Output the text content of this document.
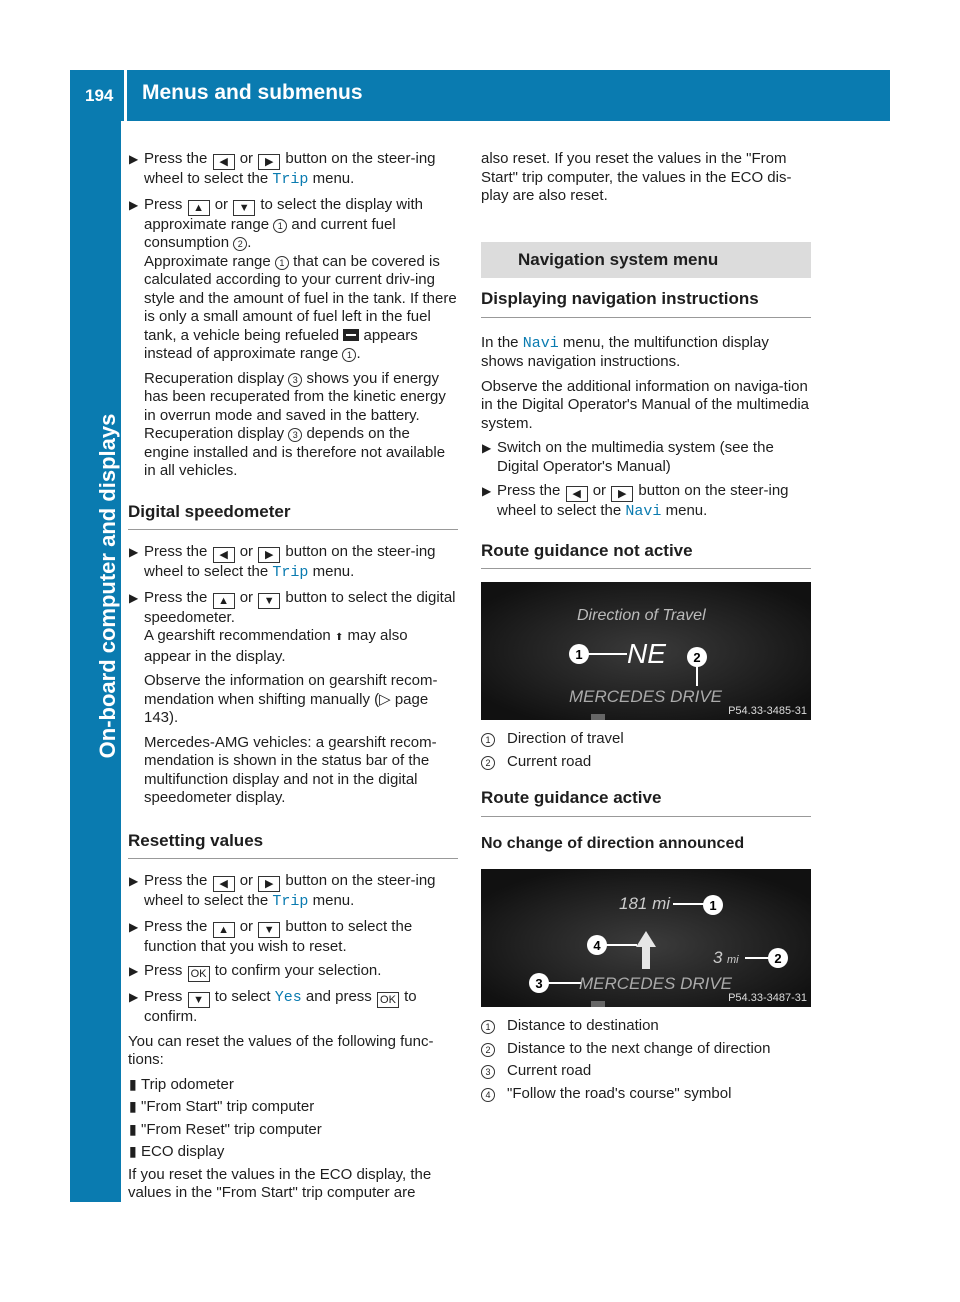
194 Menus and submenus
On-board computer and displays
▶ Press the ◀ or ▶ button on the steer-ing wheel to select the Trip menu.
▶ Press ▲ or ▼ to select the display with approximate range 1 and current fuel consumption 2 .
Approximate range 1 that can be covered is calculated according to your current driv-ing style and the amount of fuel in the tank. If there is only a small amount of fuel left in the fuel tank, a vehicle being refueled appears instead of approximate range 1 .
Recuperation display 3 shows you if energy has been recuperated from the kinetic energy in overrun mode and saved in the battery. Recuperation display 3 depends on the engine installed and is therefore not available in all vehicles.
Digital speedometer
▶ Press the ◀ or ▶ button on the steer-ing wheel to select the Trip menu.
▶ Press the ▲ or ▼ button to select the digital speedometer.
A gearshift recommendation ⬆ may also appear in the display.
Observe the information on gearshift recom-mendation when shifting manually (▷ page 143).
Mercedes-AMG vehicles: a gearshift recom-mendation is shown in the status bar of the multifunction display and not in the digital speedometer display.
Resetting values
▶ Press the ◀ or ▶ button on the steer-ing wheel to select the Trip menu.
▶ Press the ▲ or ▼ button to select the function that you wish to reset.
▶ Press OK to confirm your selection.
▶ Press ▼ to select Yes and press OK to confirm.

You can reset the values of the following func-tions:

▮ Trip odometer
▮ "From Start" trip computer
▮ "From Reset" trip computer
▮ ECO display

If you reset the values in the ECO display, the values in the "From Start" trip computer are

also reset. If you reset the values in the "From Start" trip computer, the values in the ECO dis-play are also reset.

Navigation system menu
Displaying navigation instructions

In the Navi menu, the multifunction display shows navigation instructions.

Observe the additional information on naviga-tion in the Digital Operator's Manual of the multimedia system.

▶ Switch on the multimedia system (see the Digital Operator's Manual)
▶ Press the ◀ or ▶ button on the steer-ing wheel to select the Navi menu.
Route guidance not active
Direction of Travel
NE
1	2
MERCEDES DRIVE
P54.33-3485-31
1	Direction of travel
2	Current road
Route guidance active
No change of direction announced
181 mi	1
4
3 mi	2
3 MERCEDES DRIVE
P54.33-3487-31
1	Distance to destination
2	Distance to the next change of direction
3	Current road
4	"Follow the road's course" symbol
